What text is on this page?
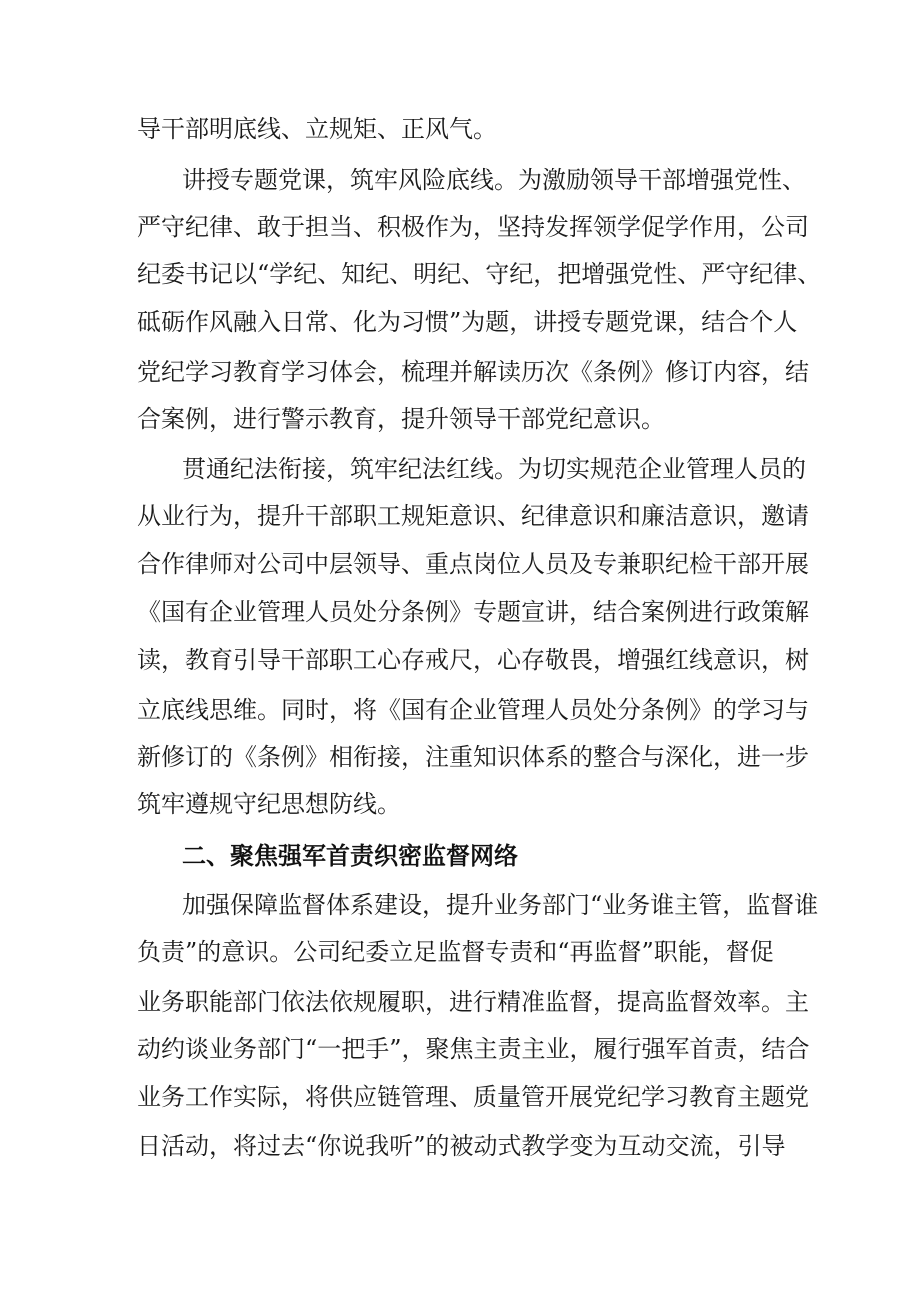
导干部明底线、立规矩、正风气。
讲授专题党课，筑牢风险底线。为激励领导干部增强党性、
严守纪律、敢于担当、积极作为，坚持发挥领学促学作用，公司
纪委书记以“学纪、知纪、明纪、守纪，把增强党性、严守纪律、
砥砺作风融入日常、化为习惯”为题，讲授专题党课，结合个人
党纪学习教育学习体会，梳理并解读历次《条例》修订内容，结
合案例，进行警示教育，提升领导干部党纪意识。
贯通纪法衔接，筑牢纪法红线。为切实规范企业管理人员的
从业行为，提升干部职工规矩意识、纪律意识和廉洁意识，邀请
合作律师对公司中层领导、重点岗位人员及专兼职纪检干部开展
《国有企业管理人员处分条例》专题宣讲，结合案例进行政策解
读，教育引导干部职工心存戒尺，心存敬畏，增强红线意识，树
立底线思维。同时，将《国有企业管理人员处分条例》的学习与
新修订的《条例》相衔接，注重知识体系的整合与深化，进一步
筑牢遵规守纪思想防线。
二、聚焦强军首责织密监督网络
加强保障监督体系建设，提升业务部门“业务谁主管，监督谁
负责”的意识。公司纪委立足监督专责和“再监督”职能，督促
业务职能部门依法依规履职，进行精准监督，提高监督效率。主
动约谈业务部门“一把手”，聚焦主责主业，履行强军首责，结合
业务工作实际，将供应链管理、质量管开展党纪学习教育主题党
日活动，将过去“你说我听”的被动式教学变为互动交流，引导
